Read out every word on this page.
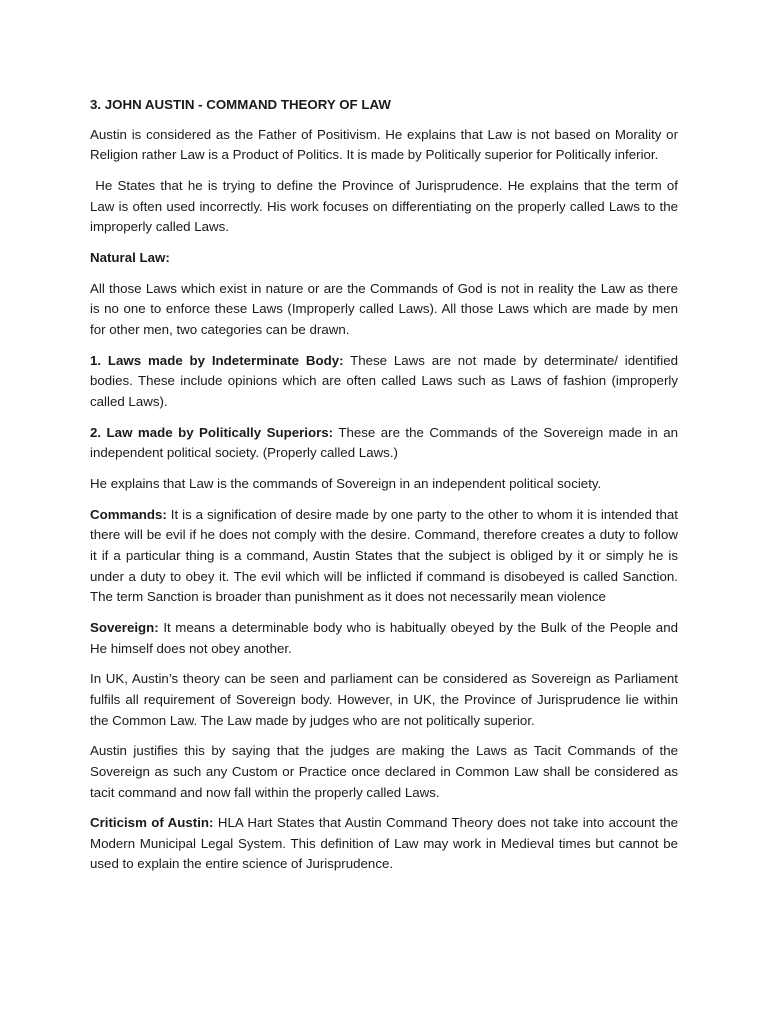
3. JOHN AUSTIN - COMMAND THEORY OF LAW

Austin is considered as the Father of Positivism. He explains that Law is not based on Morality or Religion rather Law is a Product of Politics. It is made by Politically superior for Politically inferior.

He States that he is trying to define the Province of Jurisprudence. He explains that the term of Law is often used incorrectly. His work focuses on differentiating on the properly called Laws to the improperly called Laws.

Natural Law:

All those Laws which exist in nature or are the Commands of God is not in reality the Law as there is no one to enforce these Laws (Improperly called Laws). All those Laws which are made by men for other men, two categories can be drawn.

1. Laws made by Indeterminate Body: These Laws are not made by determinate/ identified bodies. These include opinions which are often called Laws such as Laws of fashion (improperly called Laws).

2. Law made by Politically Superiors: These are the Commands of the Sovereign made in an independent political society. (Properly called Laws.)

He explains that Law is the commands of Sovereign in an independent political society.

Commands: It is a signification of desire made by one party to the other to whom it is intended that there will be evil if he does not comply with the desire. Command, therefore creates a duty to follow it if a particular thing is a command, Austin States that the subject is obliged by it or simply he is under a duty to obey it. The evil which will be inflicted if command is disobeyed is called Sanction. The term Sanction is broader than punishment as it does not necessarily mean violence

Sovereign: It means a determinable body who is habitually obeyed by the Bulk of the People and He himself does not obey another.

In UK, Austin’s theory can be seen and parliament can be considered as Sovereign as Parliament fulfils all requirement of Sovereign body. However, in UK, the Province of Jurisprudence lie within the Common Law. The Law made by judges who are not politically superior.

Austin justifies this by saying that the judges are making the Laws as Tacit Commands of the Sovereign as such any Custom or Practice once declared in Common Law shall be considered as tacit command and now fall within the properly called Laws.

Criticism of Austin: HLA Hart States that Austin Command Theory does not take into account the Modern Municipal Legal System. This definition of Law may work in Medieval times but cannot be used to explain the entire science of Jurisprudence.
